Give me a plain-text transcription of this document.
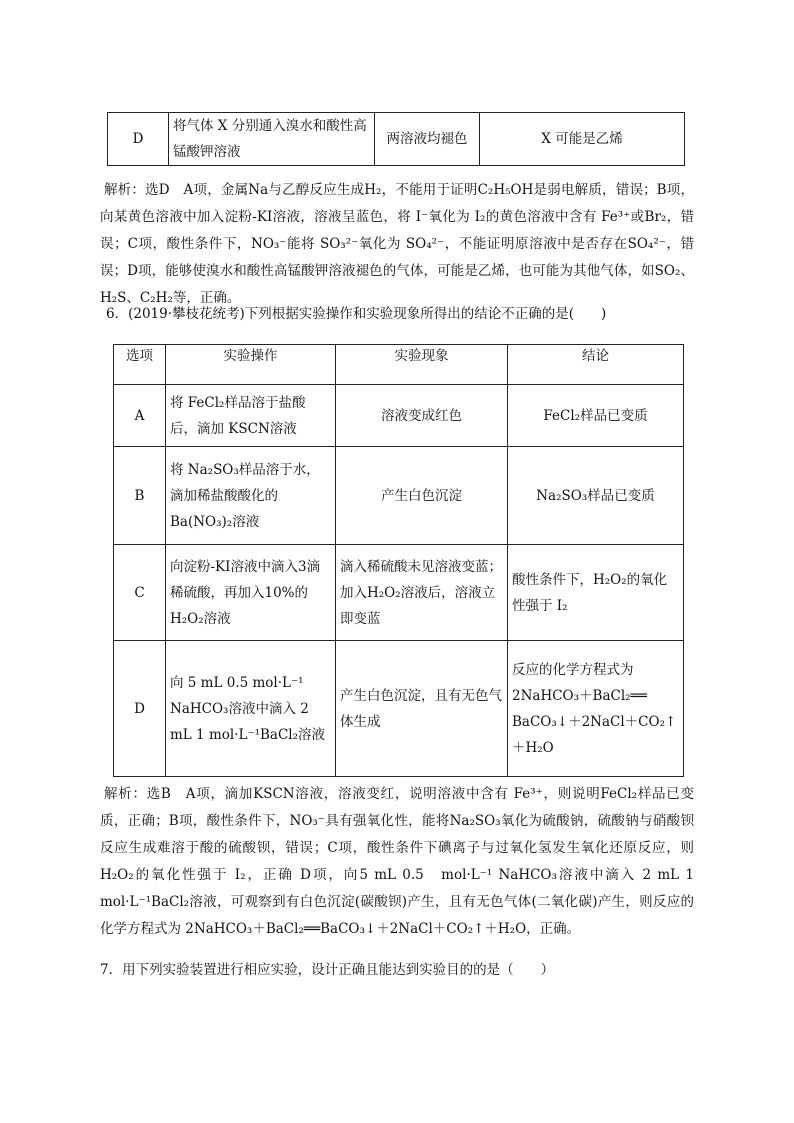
D	将气体 X 分别通入溴水和酸性高锰酸钾溶液	两溶液均褪色	X 可能是乙烯
解析：选D　A项，金属Na与乙醇反应生成H₂，不能用于证明C₂H₅OH是弱电解质，错误；B项，向某黄色溶液中加入淀粉-KI溶液，溶液呈蓝色，将 I⁻氧化为 I₂的黄色溶液中含有 Fe³⁺或Br₂，错误；C项，酸性条件下，NO₃⁻能将 SO₃²⁻氧化为 SO₄²⁻，不能证明原溶液中是否存在SO₄²⁻，错误；D项，能够使溴水和酸性高锰酸钾溶液褪色的气体，可能是乙烯，也可能为其他气体，如SO₂、H₂S、C₂H₂等，正确。
6．(2019·攀枝花统考)下列根据实验操作和实验现象所得出的结论不正确的是(　　)
选项	实验操作	实验现象	结论
A	将 FeCl₂样品溶于盐酸后，滴加 KSCN溶液	溶液变成红色	FeCl₂样品已变质
B	将 Na₂SO₃样品溶于水，滴加稀盐酸酸化的 Ba(NO₃)₂溶液	产生白色沉淀	Na₂SO₃样品已变质
C	向淀粉-KI溶液中滴入3滴稀硫酸，再加入10%的H₂O₂溶液	滴入稀硫酸未见溶液变蓝；加入H₂O₂溶液后，溶液立即变蓝	酸性条件下，H₂O₂的氧化性强于 I₂
D	向 5 mL 0.5 mol·L⁻¹ NaHCO₃溶液中滴入 2 mL 1 mol·L⁻¹BaCl₂溶液	产生白色沉淀，且有无色气体生成	反应的化学方程式为 2NaHCO₃＋BaCl₂══ BaCO₃↓＋2NaCl＋CO₂↑＋H₂O
解析：选B　A项，滴加KSCN溶液，溶液变红，说明溶液中含有 Fe³⁺，则说明FeCl₂样品已变质，正确；B项，酸性条件下，NO₃⁻具有强氧化性，能将Na₂SO₃氧化为硫酸钠，硫酸钠与硝酸钡反应生成难溶于酸的硫酸钡，错误；C项，酸性条件下碘离子与过氧化氢发生氧化还原反应，则H₂O₂的氧化性强于 I₂，正确 D项，向5 mL 0.5　mol·L⁻¹ NaHCO₃溶液中滴入 2 mL 1 mol·L⁻¹BaCl₂溶液，可观察到有白色沉淀(碳酸钡)产生，且有无色气体(二氧化碳)产生，则反应的化学方程式为 2NaHCO₃＋BaCl₂══BaCO₃↓＋2NaCl＋CO₂↑＋H₂O，正确。
7．用下列实验装置进行相应实验，设计正确且能达到实验目的的是（　　）
